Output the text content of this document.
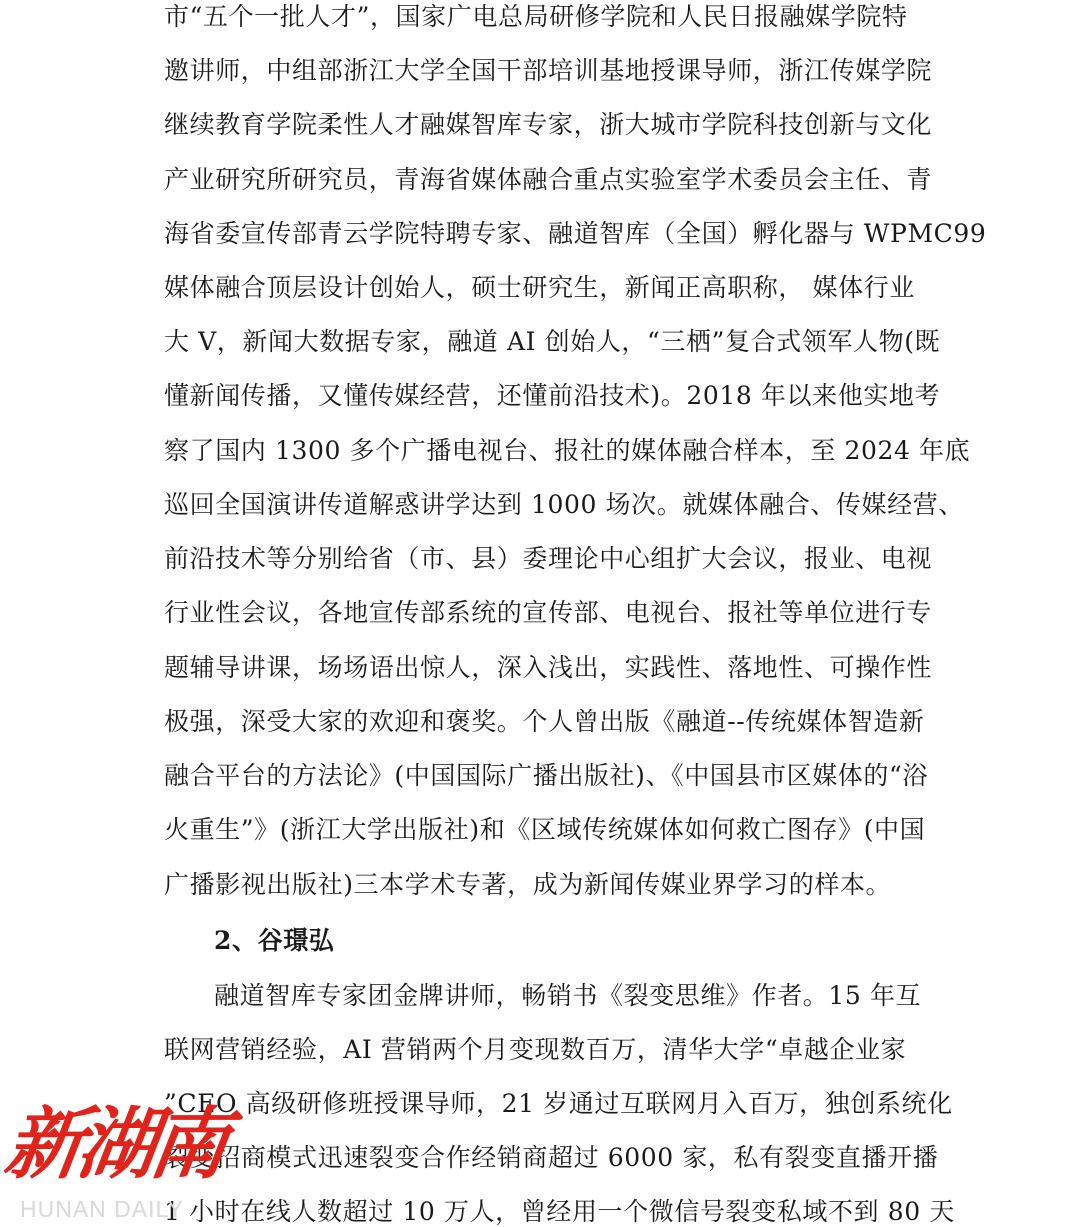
市“五个一批人才”，国家广电总局研修学院和人民日报融媒学院特
邀讲师，中组部浙江大学全国干部培训基地授课导师，浙江传媒学院
继续教育学院柔性人才融媒智库专家，浙大城市学院科技创新与文化
产业研究所研究员，青海省媒体融合重点实验室学术委员会主任、青
海省委宣传部青云学院特聘专家、融道智库（全国）孵化器与 WPMC99
媒体融合顶层设计创始人，硕士研究生，新闻正高职称， 媒体行业
大 V，新闻大数据专家，融道 AI 创始人，“三栖”复合式领军人物(既
懂新闻传播，又懂传媒经营，还懂前沿技术)。2018 年以来他实地考
察了国内 1300 多个广播电视台、报社的媒体融合样本，至 2024 年底
巡回全国演讲传道解惑讲学达到 1000 场次。就媒体融合、传媒经营、
前沿技术等分别给省（市、县）委理论中心组扩大会议，报业、电视
行业性会议，各地宣传部系统的宣传部、电视台、报社等单位进行专
题辅导讲课，场场语出惊人，深入浅出，实践性、落地性、可操作性
极强，深受大家的欢迎和褒奖。个人曾出版《融道--传统媒体智造新
融合平台的方法论》(中国国际广播出版社)、《中国县市区媒体的“浴
火重生”》(浙江大学出版社)和《区域传统媒体如何救亡图存》(中国
广播影视出版社)三本学术专著，成为新闻传媒业界学习的样本。
2、谷璟弘
融道智库专家团金牌讲师，畅销书《裂变思维》作者。15 年互
联网营销经验，AI 营销两个月变现数百万，清华大学“卓越企业家
”CEO 高级研修班授课导师，21 岁通过互联网月入百万，独创系统化
裂变招商模式迅速裂变合作经销商超过 6000 家，私有裂变直播开播
1 小时在线人数超过 10 万人，曾经用一个微信号裂变私域不到 80 天
新湖南
HUNAN DAILY
